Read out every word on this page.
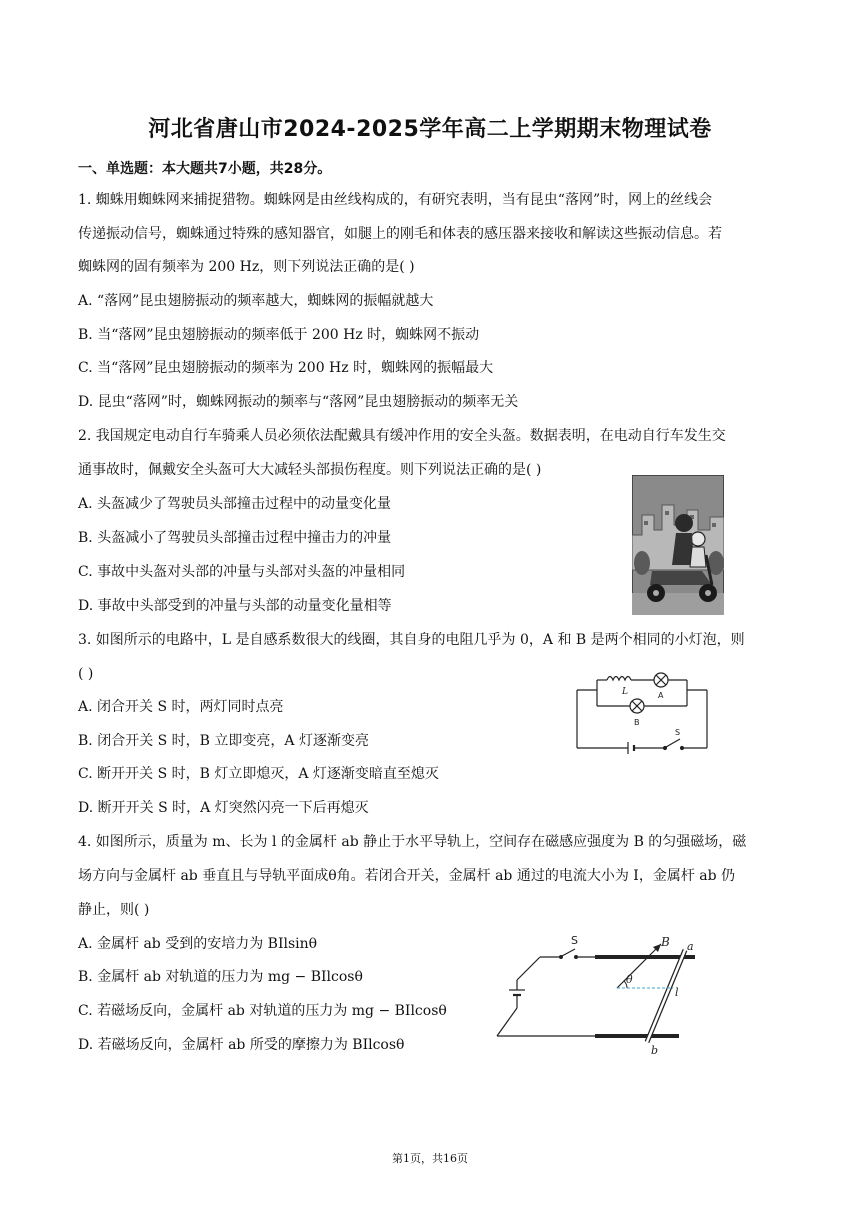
河北省唐山市2024-2025学年高二上学期期末物理试卷
一、单选题：本大题共7小题，共28分。
1. 蜘蛛用蜘蛛网来捕捉猎物。蜘蛛网是由丝线构成的，有研究表明，当有昆虫“落网”时，网上的丝线会
传递振动信号，蜘蛛通过特殊的感知器官，如腿上的刚毛和体表的感压器来接收和解读这些振动信息。若
蜘蛛网的固有频率为 200 Hz，则下列说法正确的是( )
A. “落网”昆虫翅膀振动的频率越大，蜘蛛网的振幅就越大
B. 当“落网”昆虫翅膀振动的频率低于 200 Hz 时，蜘蛛网不振动
C. 当“落网”昆虫翅膀振动的频率为 200 Hz 时，蜘蛛网的振幅最大
D. 昆虫“落网”时，蜘蛛网振动的频率与“落网”昆虫翅膀振动的频率无关
2. 我国规定电动自行车骑乘人员必须依法配戴具有缓冲作用的安全头盔。数据表明，在电动自行车发生交
通事故时，佩戴安全头盔可大大减轻头部损伤程度。则下列说法正确的是( )
A. 头盔减少了驾驶员头部撞击过程中的动量变化量
B. 头盔减小了驾驶员头部撞击过程中撞击力的冲量
C. 事故中头盔对头部的冲量与头部对头盔的冲量相同
D. 事故中头部受到的冲量与头部的动量变化量相等
3. 如图所示的电路中，L 是自感系数很大的线圈，其自身的电阻几乎为 0，A 和 B 是两个相同的小灯泡，则
( )
A. 闭合开关 S 时，两灯同时点亮
B. 闭合开关 S 时，B 立即变亮，A 灯逐渐变亮
C. 断开开关 S 时，B 灯立即熄灭，A 灯逐渐变暗直至熄灭
D. 断开开关 S 时，A 灯突然闪亮一下后再熄灭
L	A
B
S
4. 如图所示，质量为 m、长为 l 的金属杆 ab 静止于水平导轨上，空间存在磁感应强度为 B 的匀强磁场，磁
场方向与金属杆 ab 垂直且与导轨平面成θ角。若闭合开关，金属杆 ab 通过的电流大小为 I，金属杆 ab 仍
静止，则( )
A. 金属杆 ab 受到的安培力为 BIlsinθ
B. 金属杆 ab 对轨道的压力为 mg − BIlcosθ
C. 若磁场反向，金属杆 ab 对轨道的压力为 mg − BIlcosθ
D. 若磁场反向，金属杆 ab 所受的摩擦力为 BIlcosθ
S	B a
b
l
θ
第1页，共16页
